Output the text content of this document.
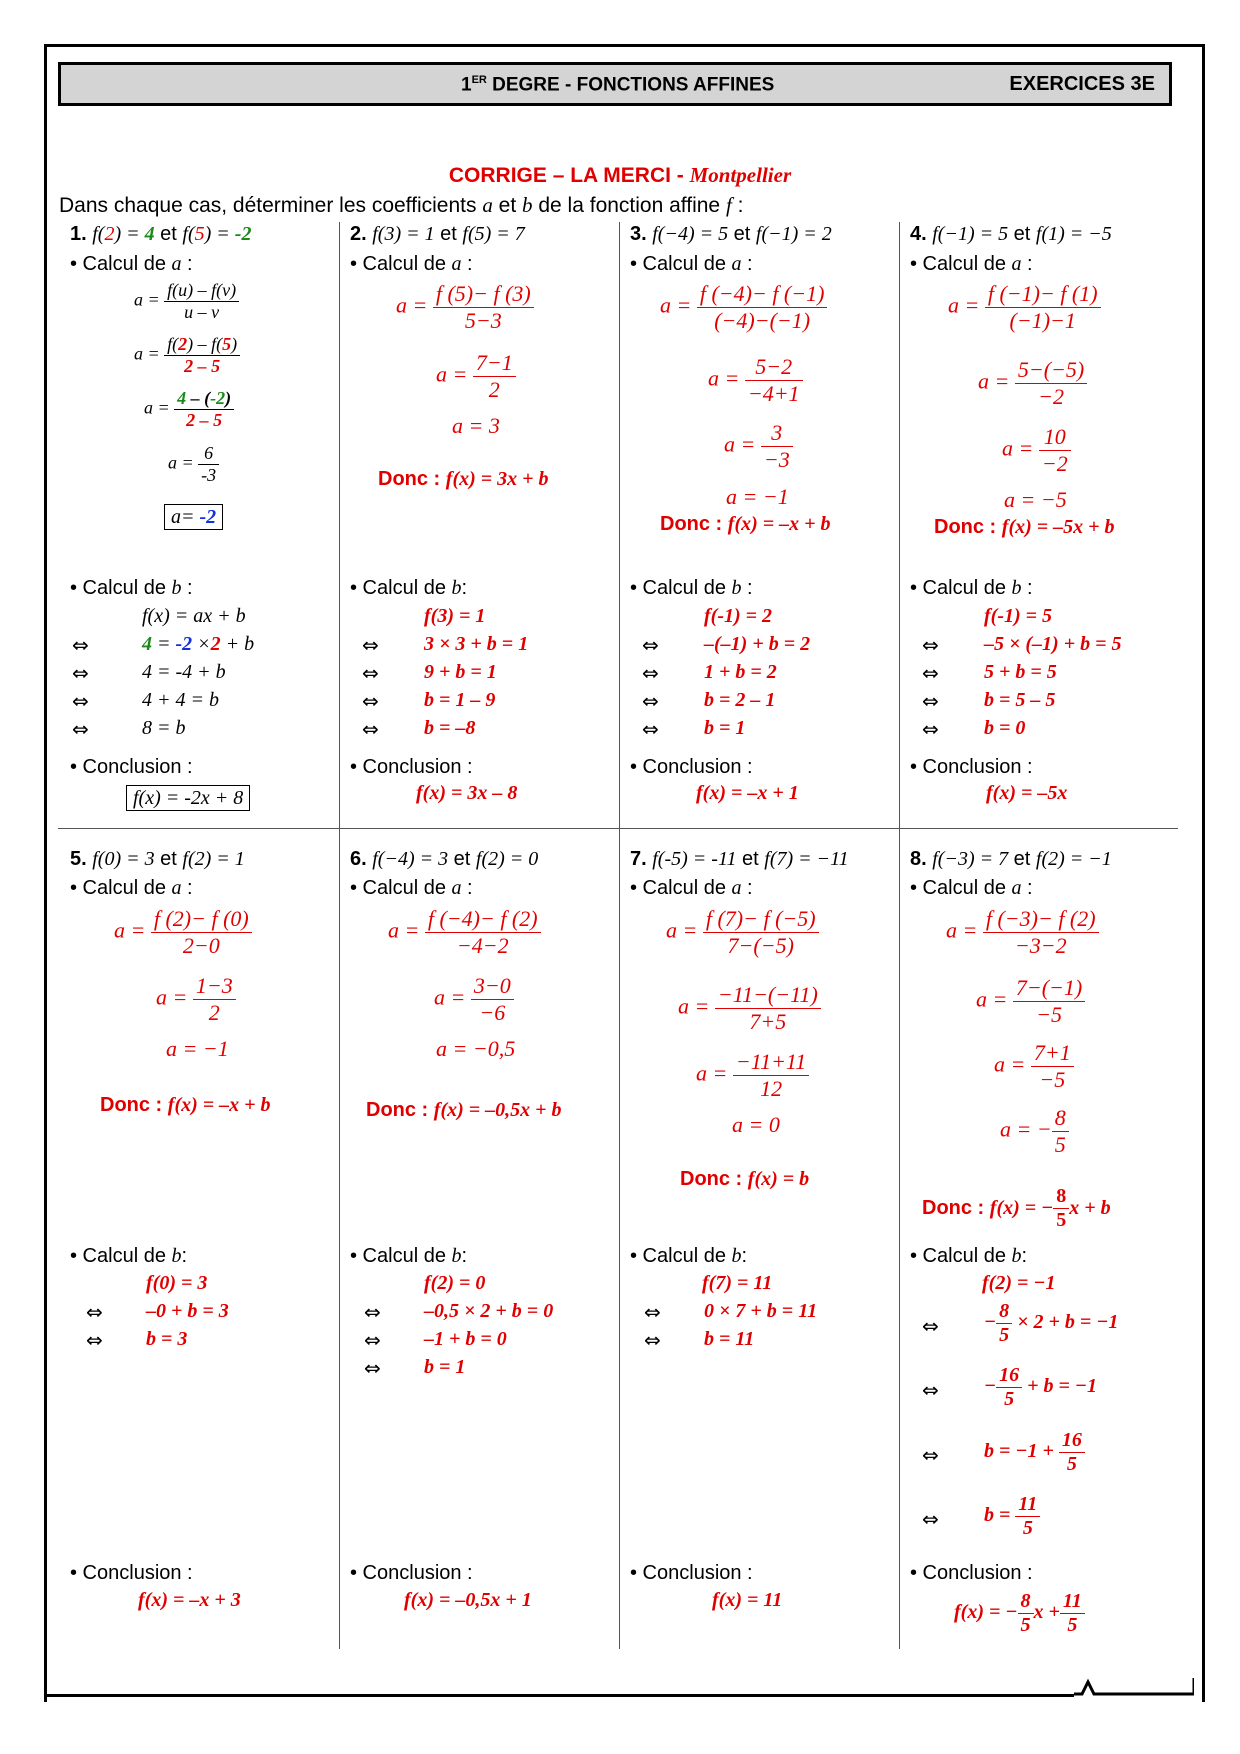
1ER DEGRE - FONCTIONS AFFINES	EXERCICES 3E
CORRIGE – LA MERCI - Montpellier
Dans chaque cas, déterminer les coefficients a et b de la fonction affine f :
1. f(2) = 4 et f(5) = -2
• Calcul de a :
$a = \frac{f(u) - f(v)}{u - v}$
$a = \frac{f(2) - f(5)}{2 - 5}$
$a = \frac{4 - (-2)}{2 - 5}$
$a = \frac{6}{-3}$
a= -2
• Calcul de b :
f(x) = ax + b
⇔	4 = -2 ×2 + b
⇔	4 = -4 + b
⇔	4 + 4 = b
⇔	8 = b
• Conclusion :
f(x) = -2x + 8
2. f(3) = 1 et f(5) = 7
• Calcul de a :
$a = \frac{f (5)- f (3)}{5-3}$
$a = \frac{7-1}{2}$
a = 3
Donc : f(x) = 3x + b
• Calcul de b:
f(3) = 1
⇔ 3 × 3 + b = 1
⇔ 9 + b = 1
⇔ b = 1 – 9
⇔ b = –8
• Conclusion :
f(x) = 3x – 8
3. f(−4) = 5 et f(−1) = 2
• Calcul de a :
$a = \frac{f (-4)- f (-1)}{(-4)-(-1)}$
$a = \frac{5-2}{-4+1}$
$a = \frac{3}{-3}$
a = −1
Donc : f(x) = –x + b
• Calcul de b :
f(-1) = 2
⇔ –(–1) + b = 2
⇔ 1 + b = 2
⇔ b = 2 – 1
⇔ b = 1
• Conclusion :
f(x) = –x + 1
4. f(−1) = 5 et f(1) = −5
• Calcul de a :
$a = \frac{f (-1)- f (1)}{(-1)-1}$
$a = \frac{5-(-5)}{-2}$
$a = \frac{10}{-2}$
a = −5
Donc : f(x) = –5x + b
• Calcul de b :
f(-1) = 5
⇔ –5 × (–1) + b = 5
⇔ 5 + b = 5
⇔ b = 5 – 5
⇔ b = 0
• Conclusion :
f(x) = –5x
5. f(0) = 3 et f(2) = 1
• Calcul de a :
$a = \frac{f (2)- f (0)}{2-0}$
$a = \frac{1-3}{2}$
a = −1
Donc : f(x) = –x + b
• Calcul de b:
f(0) = 3
⇔ –0 + b = 3
⇔ b = 3
• Conclusion :
f(x) = –x + 3
6. f(−4) = 3 et f(2) = 0
• Calcul de a :
$a = \frac{f (-4)- f (2)}{-4-2}$
$a = \frac{3-0}{-6}$
a = −0,5
Donc : f(x) = –0,5x + b
• Calcul de b:
f(2) = 0
⇔ –0,5 × 2 + b = 0
⇔ –1 + b = 0
⇔ b = 1
• Conclusion :
f(x) = –0,5x + 1
7. f(-5) = -11 et f(7) = −11
• Calcul de a :
$a = \frac{f (7)- f (-5)}{7-(-5)}$
$a = \frac{-11-(-11)}{7+5}$
$a = \frac{-11+11}{12}$
a = 0
Donc : f(x) = b
• Calcul de b:
f(7) = 11
⇔ 0 × 7 + b = 11
⇔ b = 11
• Conclusion :
f(x) = 11
8. f(−3) = 7 et f(2) = −1
• Calcul de a :
$a = \frac{f (-3)- f (2)}{-3-2}$
$a = \frac{7-(-1)}{-5}$
$a = \frac{7+1}{-5}$
a = − $\frac{8}{5}$
Donc : f(x) = − $\frac{8}{5}$ x + b
• Calcul de b:
f(2) = −1
⇔ − $\frac{8}{5} \times 2 + b = -1$
⇔ − $\frac{16}{5} + b = -1$
⇔ $b = -1 + \frac{16}{5}$
⇔ $b = \frac{11}{5}$
• Conclusion :
f(x) = − $\frac{8}{5}$ $x + \frac{11}{5}$
